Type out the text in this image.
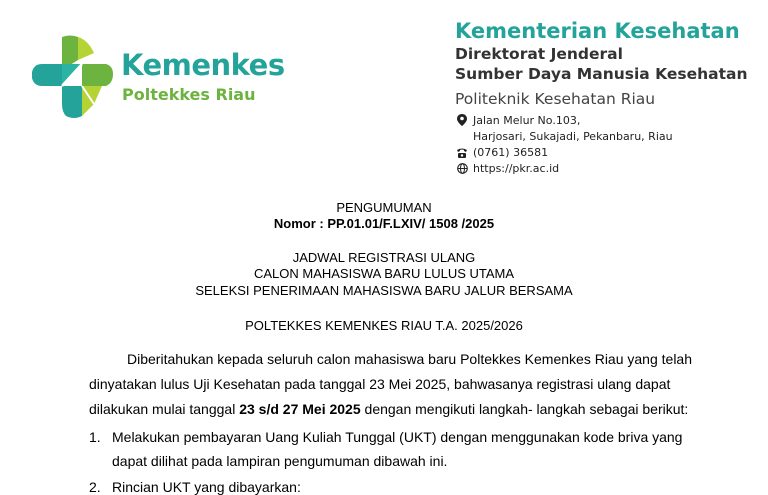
Kemenkes
Poltekkes Riau
Kementerian Kesehatan
Direktorat Jenderal
Sumber Daya Manusia Kesehatan
Politeknik Kesehatan Riau
Jalan Melur No.103,
Harjosari, Sukajadi, Pekanbaru, Riau
(0761) 36581
https://pkr.ac.id
PENGUMUMAN
Nomor : PP.01.01/F.LXIV/ 1508 /2025
JADWAL REGISTRASI ULANG
CALON MAHASISWA BARU LULUS UTAMA
SELEKSI PENERIMAAN MAHASISWA BARU JALUR BERSAMA
POLTEKKES KEMENKES RIAU T.A. 2025/2026
Diberitahukan kepada seluruh calon mahasiswa baru Poltekkes Kemenkes Riau yang telah
dinyatakan lulus Uji Kesehatan pada tanggal 23 Mei 2025, bahwasanya registrasi ulang dapat
dilakukan mulai tanggal 23 s/d 27 Mei 2025 dengan mengikuti langkah- langkah sebagai berikut:
1. Melakukan pembayaran Uang Kuliah Tunggal (UKT) dengan menggunakan kode briva yang
dapat dilihat pada lampiran pengumuman dibawah ini.
2. Rincian UKT yang dibayarkan:
